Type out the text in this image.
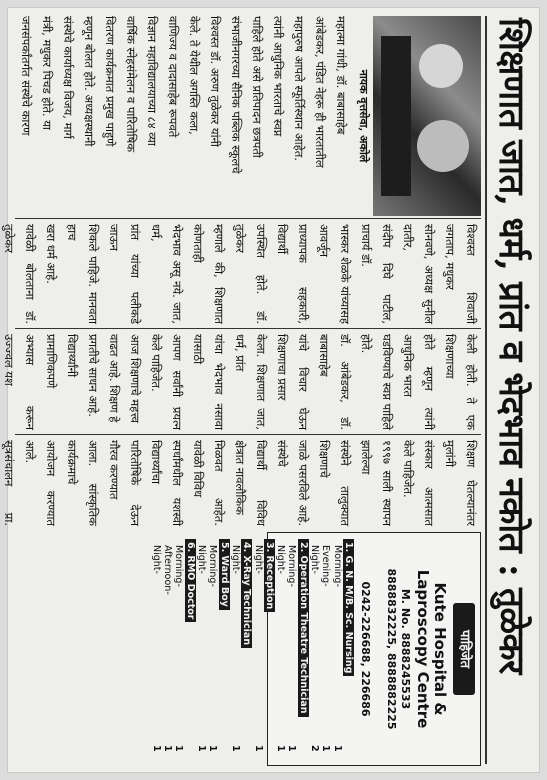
शिक्षणात जात, धर्म, प्रांत व भेदभाव नकोत : तुळेकर
नायक वृत्तसेवा, अकोले
महात्मा गांधी, डॉ. बाबासाहेब
आंबेडकर, पंडित नेहरू ही भारतातील
महापुरुष आपले स्फूर्तिस्थान आहेत.
त्यांनी आधुनिक भारताचे स्वप्न
पाहिले होते असे प्रतिपादन छत्रपती
संभाजीनगरच्या सैनिक पब्लिक स्कूलचे
विश्वस्त डॉ. अरुण तुळेकर यांनी
केले. ते येथील अगस्ति कला,
वाणिज्य व दादासाहेब रूपवते
विज्ञान महाविद्यालयाच्या ८४ व्या
वार्षिक स्नेहसंमेलन व पारितोषिक
वितरण कार्यक्रमात प्रमुख पाहुणे
म्हणून बोलत होते. अध्यक्षस्थानी
संस्थेचे कार्याध्यक्ष विजय, मार्ग
मंत्री, मधुकर पिचड होते. या
जनसंपर्कांतर्गत संस्थेचे कारण
विश्वस्त शिवाजी जगताप, मधुकर
सोनवणे, अध्यक्ष सुनील दातीर,
संदीप दिघे पाटील, प्राचार्य डॉ.
भास्कर शेळके यांच्यासह आवर्जून
प्राध्यापक सहकारी, विद्यार्थी
उपस्थित होते. डॉ. तुळेकर
म्हणाले की, शिक्षणात कोणताही
भेदभाव असू नये. जात, धर्म,
प्रांत यांच्या पलीकडे जाऊन
शिकले पाहिजे. मानवता हाच
खरा धर्म आहे.
यावेळी बोलताना डॉ. तुळेकर
केली होती. ते एक शिक्षणाच्या
होते म्हणून त्यांनी आधुनिक भारत
घडविण्याचे स्वप्न पाहिले होते.
डॉ. आंबेडकर, डॉ. बाबासाहेब
यांचे विचार घेऊन शिक्षणाचा प्रसार
केला. शिक्षणात जात, धर्म, प्रांत
यांचा भेदभाव नसावा यासाठी
आपण सर्वांनी प्रयत्न केले पाहिजेत.
आज शिक्षणाचे महत्त्व
वाढत आहे. शिक्षण हे
प्रगतीचे साधन आहे.
विद्यार्थ्यांनी प्रामाणिकपणे
अभ्यास करून उज्ज्वल यश
शिक्षण घेतल्यानंतर मुलांनी
संस्कार आत्मसात केले पाहिजेत.
१९९७ साली स्थापन झालेल्या
संस्थेने तालुक्यात शिक्षणाचे
जाळे पसरविले आहे. संस्थेचे
विद्यार्थी विविध क्षेत्रात नावलौकिक
मिळवत आहेत. यावेळी विविध
स्पर्धांमधील यशस्वी विद्यार्थ्यांचा
पारितोषिके देऊन गौरव करण्यात
आला. सांस्कृतिक कार्यक्रमाचे
आयोजन करण्यात आले.
सूत्रसंचालन प्रा.
पाहिजेत
Kute Hospital & Laproscopy Centre
M. No. 8888245533
8888832225, 8888882225
0242-226688, 226686
1. G. N. M/B. Sc. Nursing
Morning-
1
Evening-
1
Night-
2
2. Operation Theatre Technician
Morning-
1
Night-
1
3. Reception
Night-
1
4. X-Ray Technician
Night-
1
5. Ward Boy
Morning-
1
Night-
1
6. RMO Doctor
Morning-
1
Afternoon-
1
Night-
1
